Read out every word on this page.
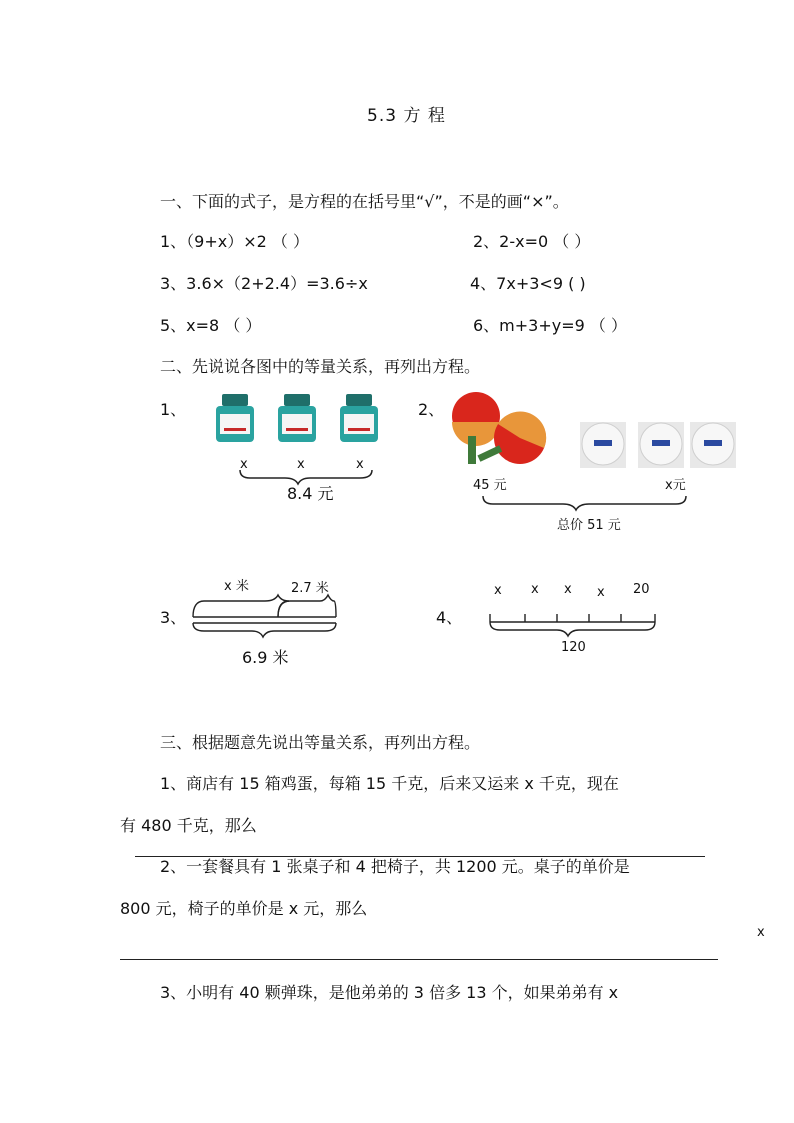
5.3 方 程
一、下面的式子，是方程的在括号里“√”，不是的画“×”。
1、（9+x）×2 （ ）	2、2-x=0 （ ）
3、3.6×（2+2.4）=3.6÷x	4、7x+3<9 ( )
5、x=8 （ ）	6、m+3+y=9 （ ）
二、先说说各图中的等量关系，再列出方程。
1、
x	x	x
8.4 元
2、
45 元	x元
总价 51 元
3、
x 米	2.7 米
6.9 米
4、
x x x x 20
120
三、根据题意先说出等量关系，再列出方程。
1、商店有 15 箱鸡蛋，每箱 15 千克，后来又运来 x 千克，现在
有 480 千克，那么
2、一套餐具有 1 张桌子和 4 把椅子，共 1200 元。桌子的单价是
800 元，椅子的单价是 x 元，那么
x
3、小明有 40 颗弹珠，是他弟弟的 3 倍多 13 个，如果弟弟有 x
